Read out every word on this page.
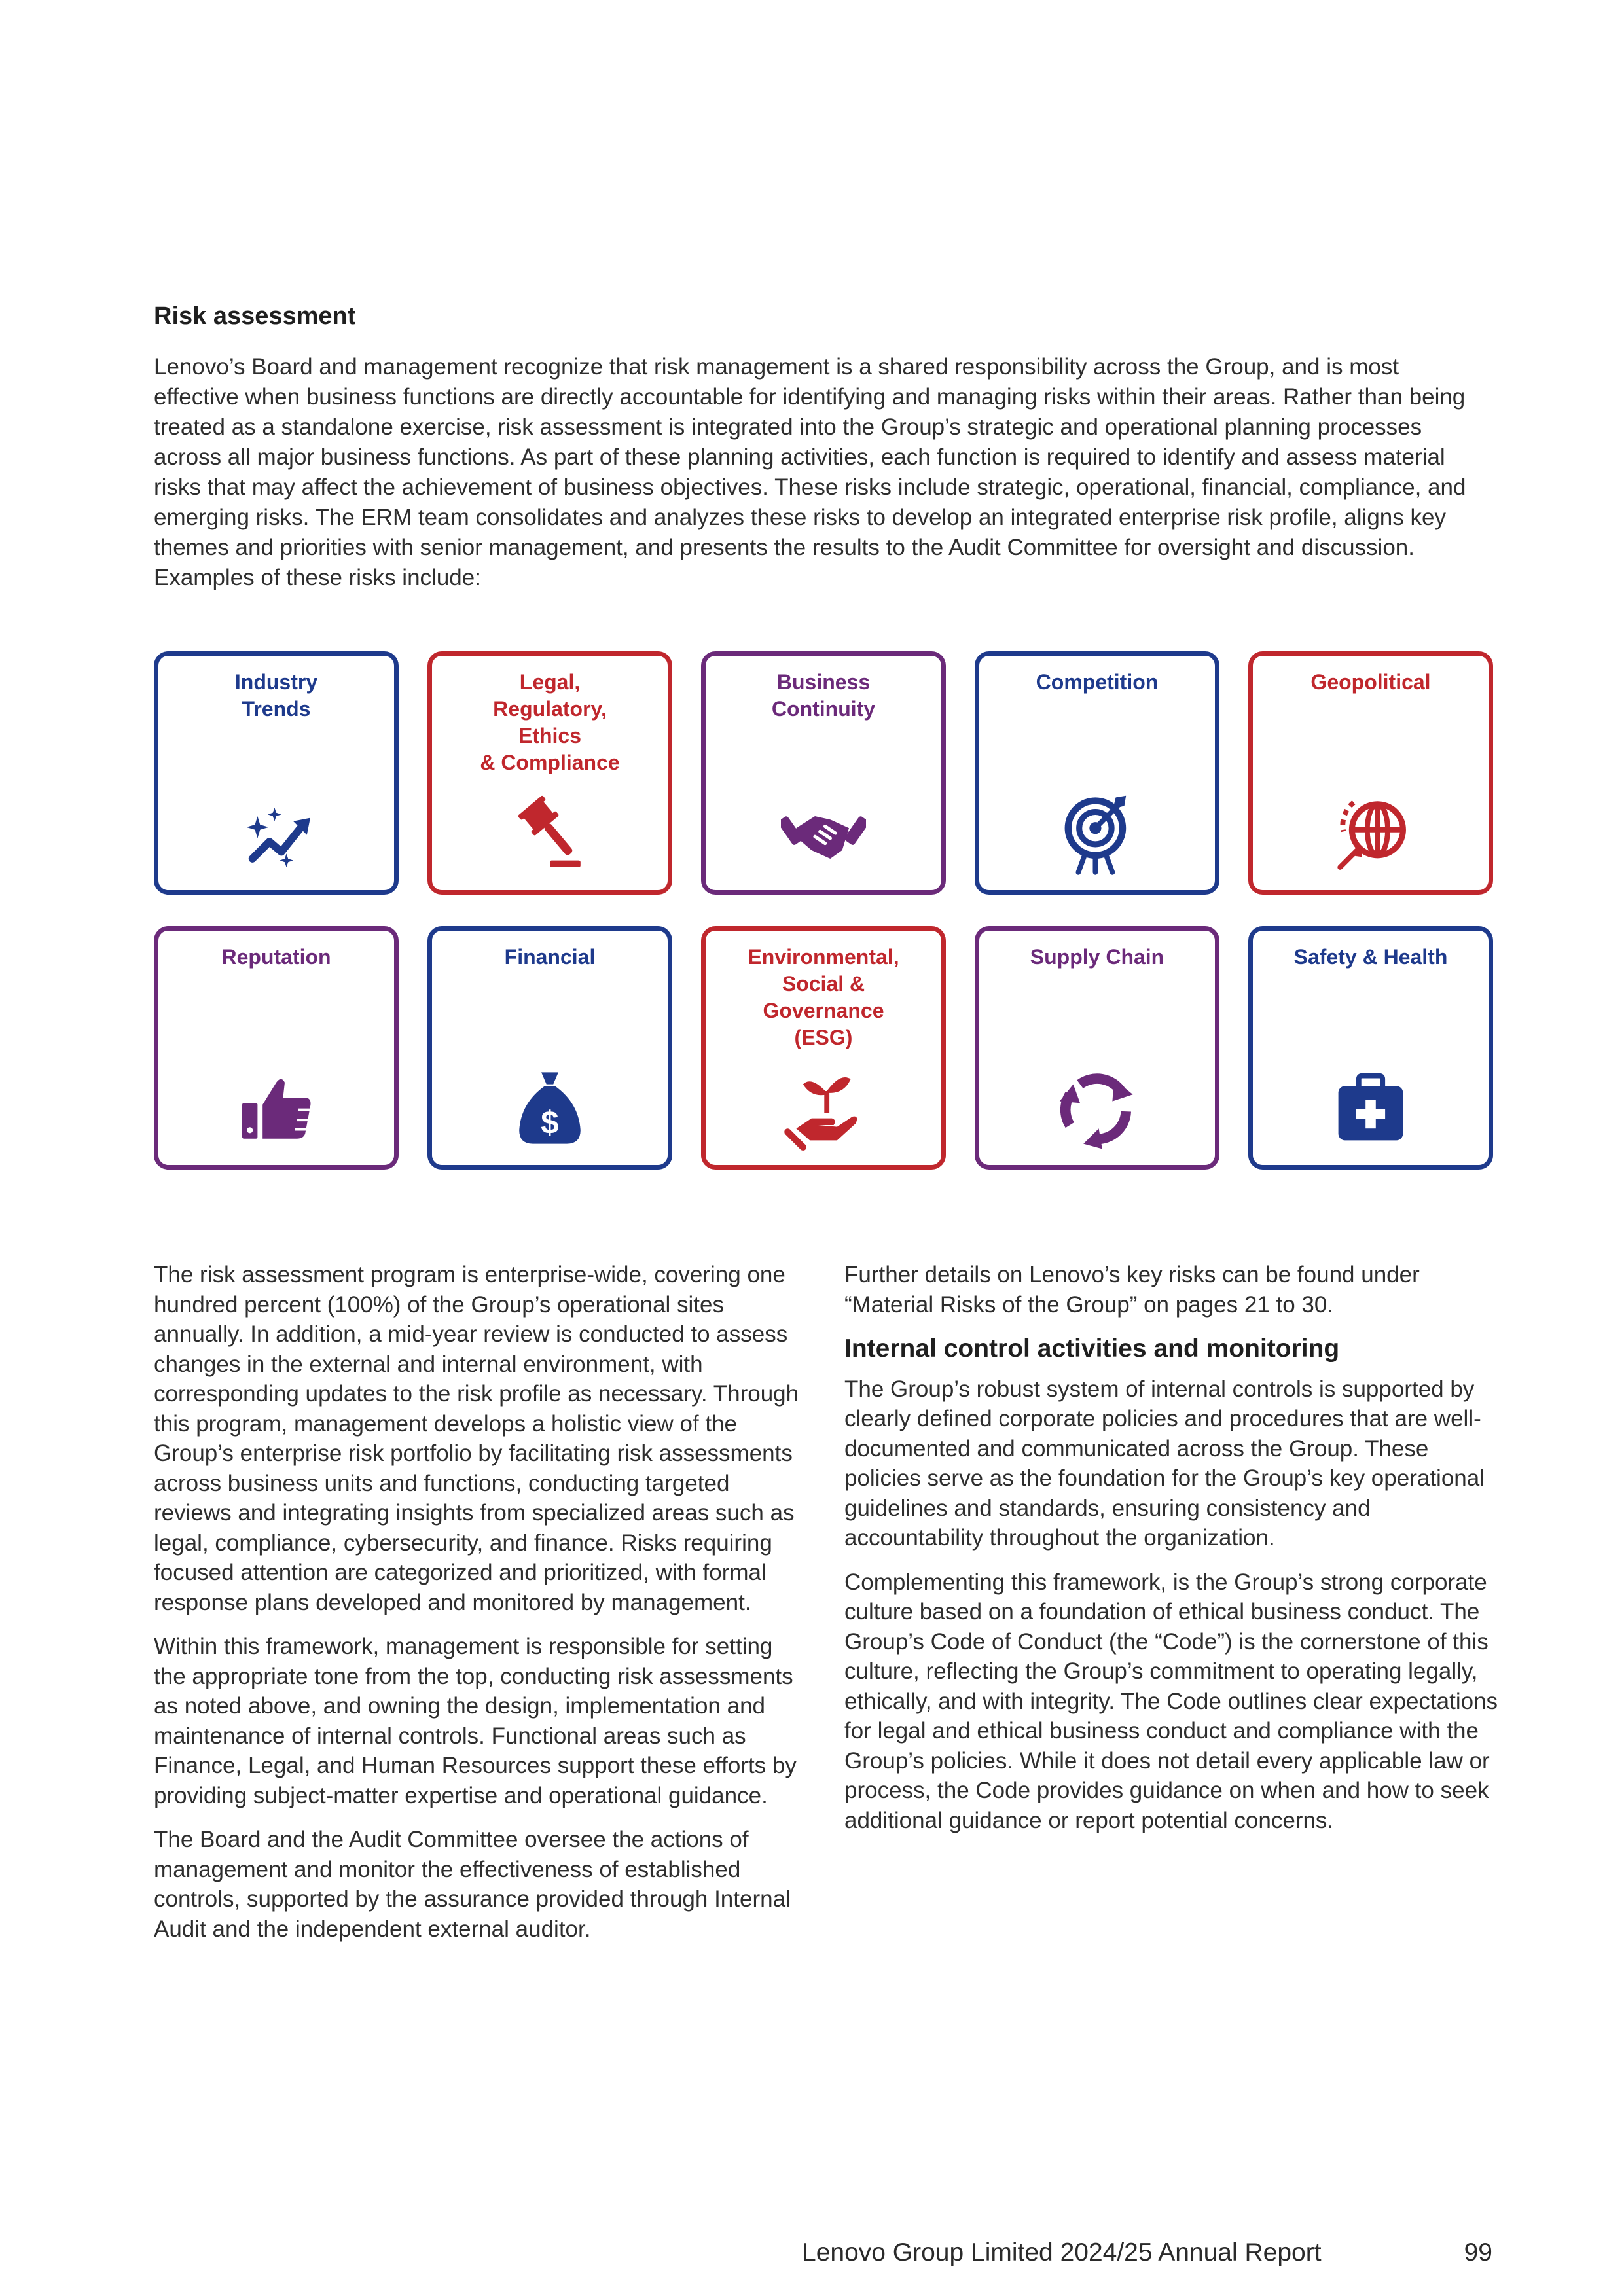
Risk assessment

Lenovo’s Board and management recognize that risk management is a shared responsibility across the Group, and is most effective when business functions are directly accountable for identifying and managing risks within their areas. Rather than being treated as a standalone exercise, risk assessment is integrated into the Group’s strategic and operational planning processes across all major business functions. As part of these planning activities, each function is required to identify and assess material risks that may affect the achievement of business objectives. These risks include strategic, operational, financial, compliance, and emerging risks. The ERM team consolidates and analyzes these risks to develop an integrated enterprise risk profile, aligns key themes and priorities with senior management, and presents the results to the Audit Committee for oversight and discussion. Examples of these risks include:

Industry
Trends
Legal,
Regulatory,
Ethics
& Compliance
Business
Continuity
Competition	Geopolitical
Reputation	Financial
$
Environmental,
Social &
Governance
(ESG)
Supply Chain	Safety & Health

The risk assessment program is enterprise-wide, covering one hundred percent (100%) of the Group’s operational sites annually. In addition, a mid-year review is conducted to assess changes in the external and internal environment, with corresponding updates to the risk profile as necessary. Through this program, management develops a holistic view of the Group’s enterprise risk portfolio by facilitating risk assessments across business units and functions, conducting targeted reviews and integrating insights from specialized areas such as legal, compliance, cybersecurity, and finance. Risks requiring focused attention are categorized and prioritized, with formal response plans developed and monitored by management.

Within this framework, management is responsible for setting the appropriate tone from the top, conducting risk assessments as noted above, and owning the design, implementation and maintenance of internal controls. Functional areas such as Finance, Legal, and Human Resources support these efforts by providing subject-matter expertise and operational guidance.

The Board and the Audit Committee oversee the actions of management and monitor the effectiveness of established controls, supported by the assurance provided through Internal Audit and the independent external auditor.

Further details on Lenovo’s key risks can be found under “Material Risks of the Group” on pages 21 to 30.

Internal control activities and monitoring

The Group’s robust system of internal controls is supported by clearly defined corporate policies and procedures that are well-documented and communicated across the Group. These policies serve as the foundation for the Group’s key operational guidelines and standards, ensuring consistency and accountability throughout the organization.

Complementing this framework, is the Group’s strong corporate culture based on a foundation of ethical business conduct. The Group’s Code of Conduct (the “Code”) is the cornerstone of this culture, reflecting the Group’s commitment to operating legally, ethically, and with integrity. The Code outlines clear expectations for legal and ethical business conduct and compliance with the Group’s policies. While it does not detail every applicable law or process, the Code provides guidance on when and how to seek additional guidance or report potential concerns.

Lenovo Group Limited 2024/25 Annual Report	99
